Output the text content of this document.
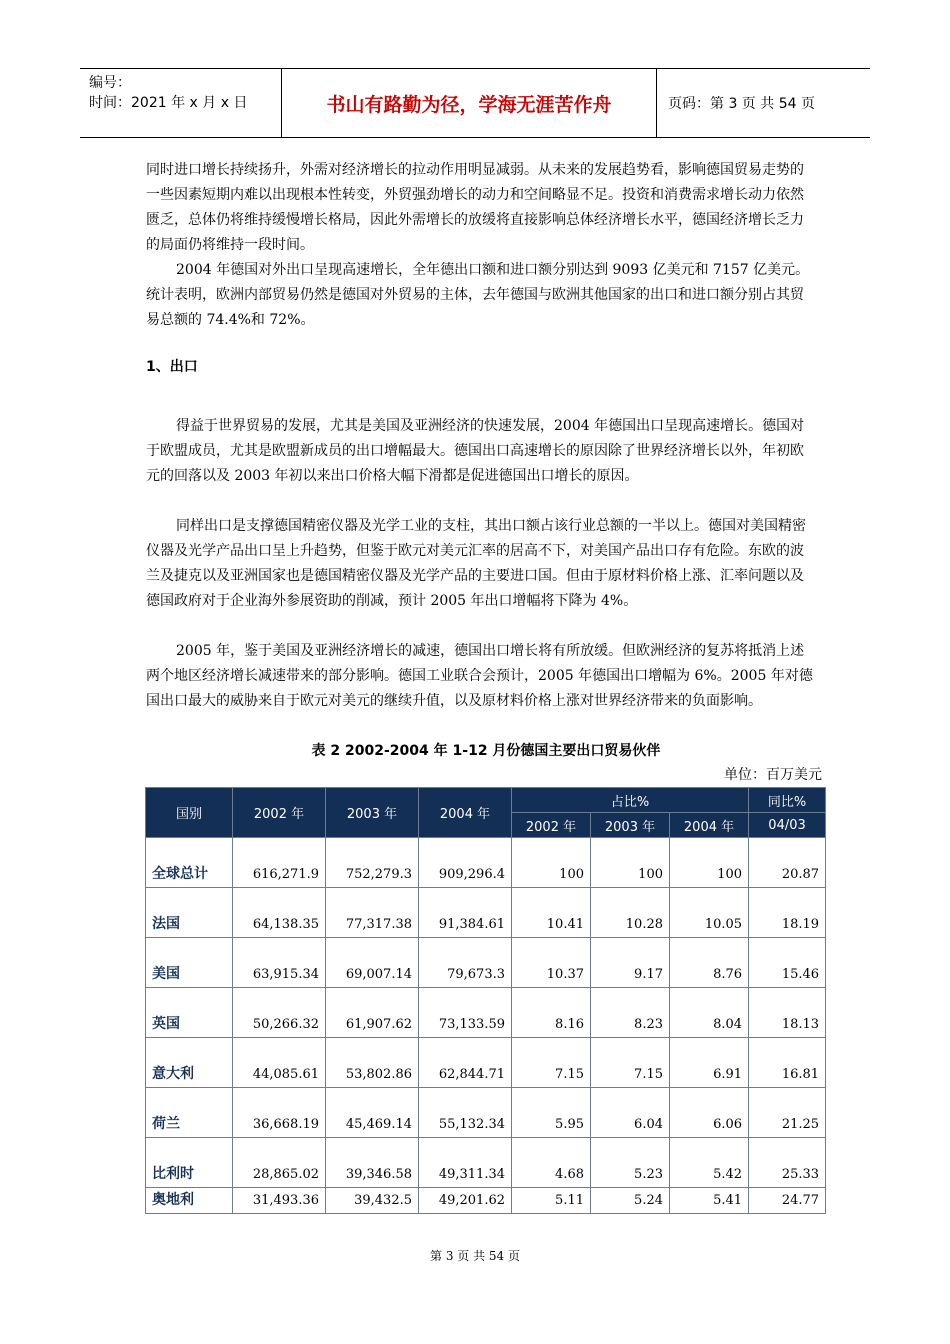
编号：
时间：2021 年 x 月 x 日	书山有路勤为径，学海无涯苦作舟	页码：第 3 页 共 54 页

同时进口增长持续扬升，外需对经济增长的拉动作用明显减弱。从未来的发展趋势看，影响德国贸易走势的一些因素短期内难以出现根本性转变，外贸强劲增长的动力和空间略显不足。投资和消费需求增长动力依然匮乏，总体仍将维持缓慢增长格局，因此外需增长的放缓将直接影响总体经济增长水平，德国经济增长乏力的局面仍将维持一段时间。

2004 年德国对外出口呈现高速增长，全年德出口额和进口额分别达到 9093 亿美元和 7157 亿美元。统计表明，欧洲内部贸易仍然是德国对外贸易的主体，去年德国与欧洲其他国家的出口和进口额分别占其贸易总额的 74.4%和 72%。

1、出口

得益于世界贸易的发展，尤其是美国及亚洲经济的快速发展，2004 年德国出口呈现高速增长。德国对于欧盟成员，尤其是欧盟新成员的出口增幅最大。德国出口高速增长的原因除了世界经济增长以外，年初欧元的回落以及 2003 年初以来出口价格大幅下滑都是促进德国出口增长的原因。

同样出口是支撑德国精密仪器及光学工业的支柱，其出口额占该行业总额的一半以上。德国对美国精密仪器及光学产品出口呈上升趋势，但鉴于欧元对美元汇率的居高不下，对美国产品出口存有危险。东欧的波兰及捷克以及亚洲国家也是德国精密仪器及光学产品的主要进口国。但由于原材料价格上涨、汇率问题以及德国政府对于企业海外参展资助的削减，预计 2005 年出口增幅将下降为 4%。

2005 年，鉴于美国及亚洲经济增长的减速，德国出口增长将有所放缓。但欧洲经济的复苏将抵消上述两个地区经济增长减速带来的部分影响。德国工业联合会预计，2005 年德国出口增幅为 6%。2005 年对德国出口最大的威胁来自于欧元对美元的继续升值，以及原材料价格上涨对世界经济带来的负面影响。

表 2 2002-2004 年 1-12 月份德国主要出口贸易伙伴
单位：百万美元
国别	2002 年	2003 年	2004 年	占比%			同比%
				2002 年	2003 年	2004 年	04/03
全球总计	616,271.9	752,279.3	909,296.4	100	100	100	20.87
法国	64,138.35	77,317.38	91,384.61	10.41	10.28	10.05	18.19
美国	63,915.34	69,007.14	79,673.3	10.37	9.17	8.76	15.46
英国	50,266.32	61,907.62	73,133.59	8.16	8.23	8.04	18.13
意大利	44,085.61	53,802.86	62,844.71	7.15	7.15	6.91	16.81
荷兰	36,668.19	45,469.14	55,132.34	5.95	6.04	6.06	21.25
比利时	28,865.02	39,346.58	49,311.34	4.68	5.23	5.42	25.33
奥地利	31,493.36	39,432.5	49,201.62	5.11	5.24	5.41	24.77
第 3 页 共 54 页
